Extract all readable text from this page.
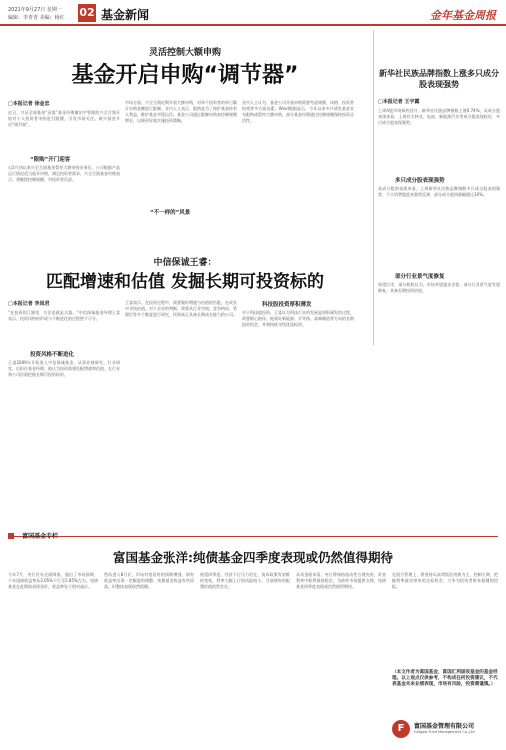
2021年9月27日 星期一
编辑：李青青 美编：杨红 02 基金新闻	金年基金周报
灵活控制大额申购
基金开启申购“调节器”
□本报记者 徐金忠
近日，兴证全球基金“因需”基金经理谢治宇管理的兴全合润开始对个人投资者申购进行限额，引发市场关注。新兴基金开启“调节器”。
“限购”开门迎客
自2月初以来兴全合润基金暂停大额申购业务后，公司根据产品运行情况适当放开申购，满足投资者需求。兴全合润基金经理表示，将继续控制规模，对投资者负责。
市场方面，兴全合润近期开放大额申购，对单个投资者的单日累计申购金额进行限制。业内人士表示，限购是为了保护基金持有人利益，维护基金平稳运作。基金公司通过限制申购来控制规模增长，以便更好地实施投资策略。
“不一样的”风景
业内人士认为，基金公司开放申购需要考虑规模、风格、投资者结构等多方面因素。Wind数据显示，今年以来多只绩优基金宣布限购或暂停大额申购，部分基金经理通过控制规模保持投资灵活性。
新华社民族品牌指数上涨多只成分股表现强势
□本报记者 王宇露
上周A股市场探底回升，新华社民族品牌指数上涨0.74%，从成分股表现来看，上周有关林业、电池、新能源汽车等成分股表现较好，多只成分股表现强势。
多只成分股表现强势
从成分股的表现来看，上周新华社民族品牌指数多只成分股表现强势，不少消费股迎来强势反弹，部分成分股周涨幅超过10%。
部分行业景气度修复
展望后市，部分机构认为，市场有望逐步企稳，部分行业景气度有望修复，具备长期投资价值。
中信保诚王睿：
匹配增速和估值 发掘长期可投资标的
□本报记者 李岚君
“在投资的江湖里，方法论就是兵器。”中信保诚基金经理王睿表示，投资风格的形成与不断进化的过程密不可分。
投资风格不断进化
王睿2009年开始进入中信保诚基金，从事宏观研究、行业研究，后担任基金经理。他认为投资需要匹配增速和估值，在行业和公司层面挖掘长期可投资标的。
王睿表示，在投资过程中，需要做好增速与估值的匹配，在成长中寻找价值。对于企业的判断，需要从行业空间、竞争格局、管理层等多个维度进行研究，找到真正具备长期成长能力的公司。
科技股投资厚积薄发
对于科技股投资，王睿认为科技行业的发展是厚积薄发的过程，需要耐心陪伴。他看好新能源、半导体、高端制造等方向的长期投资机会，并将持续寻找优质标的。
富国基金专栏
富国基金张洋:纯债基金四季度表现或仍然值得期待
今年7月，央行宣布全面降准，超出了市场预期，十年国债收益率从3.05%下行至2.85%左右。纯债基金在此期间表现良好，收益率处于相对高位。
然而进入8月后，市场对宽信用的预期增强，债券收益率出现一定幅度的调整，纯债基金收益有所回落，但整体表现依然稳健。
展望四季度，经济下行压力仍在，货币政策有望维持宽松，利率大幅上行的风险较小。当前债券的配置价值依然存在。
从资金面来看，央行将保持流动性合理充裕，资金利率中枢将保持稳定，为债券市场提供支撑，纯债基金四季度表现或仍然值得期待。
在组合管理上，将坚持以高等级信用债为主，控制久期，把握利率波动带来的交易机会，力争为投资者带来稳健的回报。
（本文作者为富国基金，富国汇利固收基金的基金经理。以上观点仅供参考，不构成任何投资建议，不代表基金未来业绩表现，市场有风险，投资需谨慎。）
F	富国基金管理有限公司
Fullgoal Fund Management Co.,Ltd
